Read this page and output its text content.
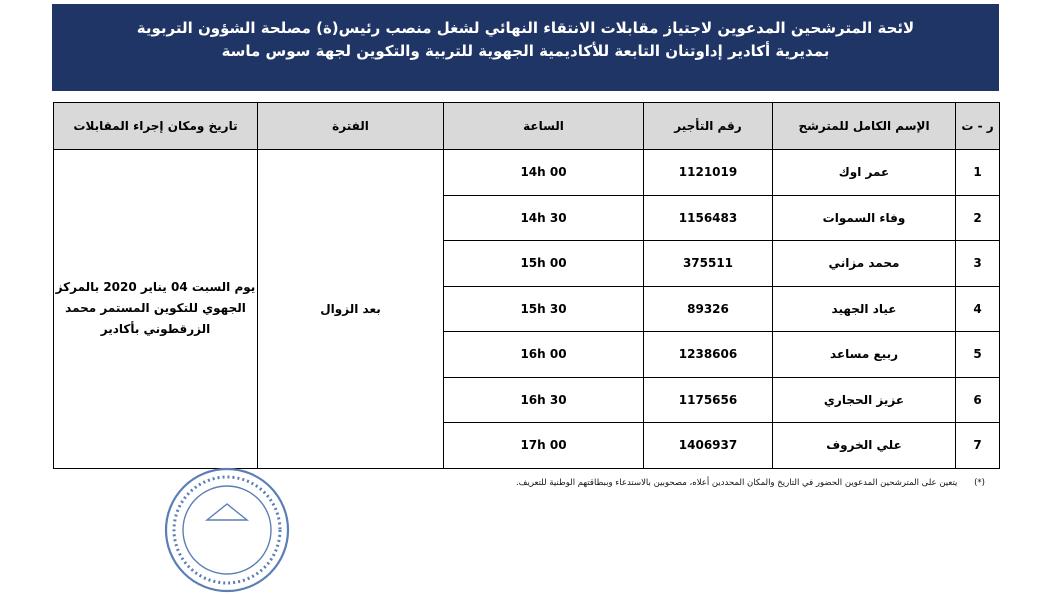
لائحة المترشحين المدعوين لاجتياز مقابلات الانتقاء النهائي لشغل منصب رئيس(ة) مصلحة الشؤون التربوية
بمديرية أكادير إداوتنان التابعة للأكاديمية الجهوية للتربية والتكوين لجهة سوس ماسة
ر - ت	الإسم الكامل للمترشح	رقم التأجير	الساعة	الفترة	تاريخ ومكان إجراء المقابلات
1	عمر اوك	1121019	14h 00	بعد الزوال	يوم السبت 04 يناير 2020 بالمركز الجهوي للتكوين المستمر محمد الزرقطوني بأكادير
2	وفاء السموات	1156483	14h 30		
3	محمد مزاني	375511	15h 00		
4	عياد الجهيد	89326	15h 30		
5	ربيع مساعد	1238606	16h 00		
6	عزيز الحجاري	1175656	16h 30		
7	علي الخروف	1406937	17h 00		
(*) يتعين على المترشحين المدعوين الحضور في التاريخ والمكان المحددين أعلاه، مصحوبين بالاستدعاء وببطاقتهم الوطنية للتعريف.
